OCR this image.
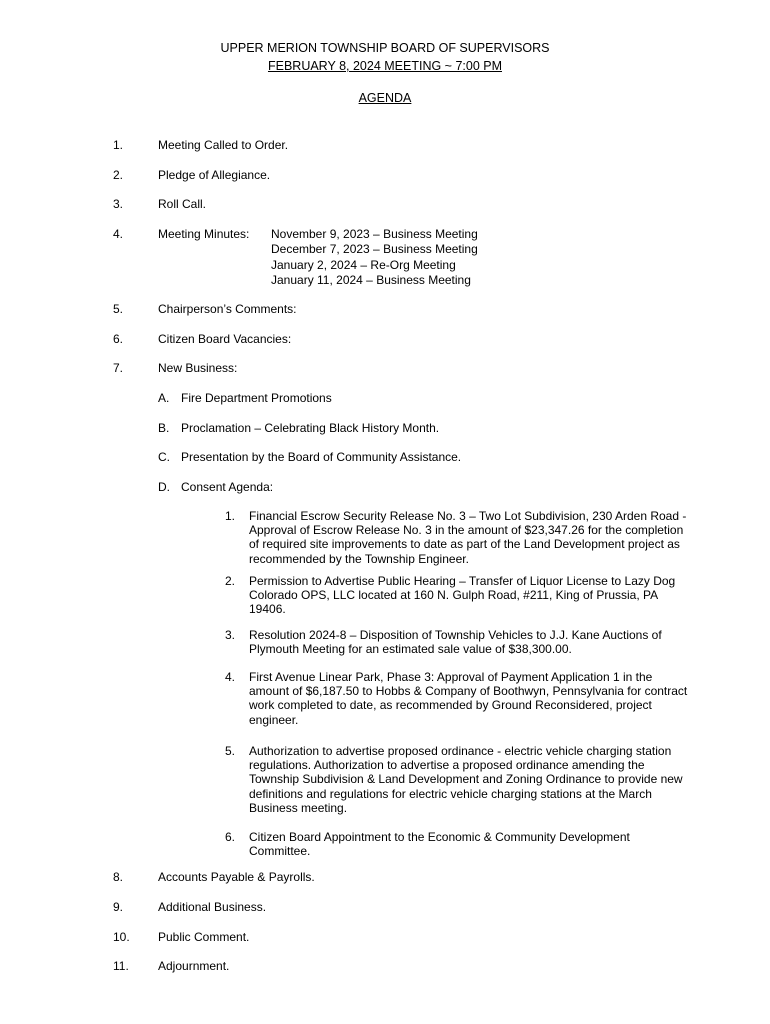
UPPER MERION TOWNSHIP BOARD OF SUPERVISORS
FEBRUARY 8, 2024 MEETING ~ 7:00 PM
AGENDA
1.	Meeting Called to Order.
2.	Pledge of Allegiance.
3.	Roll Call.
4.	Meeting Minutes: November 9, 2023 – Business Meeting
December 7, 2023 – Business Meeting
January 2, 2024 – Re-Org Meeting
January 11, 2024 – Business Meeting
5.	Chairperson’s Comments:
6.	Citizen Board Vacancies:
7.	New Business:
A. Fire Department Promotions
B. Proclamation – Celebrating Black History Month.
C. Presentation by the Board of Community Assistance.
D. Consent Agenda:
1. Financial Escrow Security Release No. 3 – Two Lot Subdivision, 230 Arden Road - Approval of Escrow Release No. 3 in the amount of $23,347.26 for the completion of required site improvements to date as part of the Land Development project as recommended by the Township Engineer.
2. Permission to Advertise Public Hearing – Transfer of Liquor License to Lazy Dog Colorado OPS, LLC located at 160 N. Gulph Road, #211, King of Prussia, PA 19406.
3. Resolution 2024-8 – Disposition of Township Vehicles to J.J. Kane Auctions of Plymouth Meeting for an estimated sale value of $38,300.00.
4. First Avenue Linear Park, Phase 3: Approval of Payment Application 1 in the amount of $6,187.50 to Hobbs & Company of Boothwyn, Pennsylvania for contract work completed to date, as recommended by Ground Reconsidered, project engineer.
5. Authorization to advertise proposed ordinance - electric vehicle charging station regulations. Authorization to advertise a proposed ordinance amending the Township Subdivision & Land Development and Zoning Ordinance to provide new definitions and regulations for electric vehicle charging stations at the March Business meeting.
6. Citizen Board Appointment to the Economic & Community Development Committee.
8.	Accounts Payable & Payrolls.
9.	Additional Business.
10. Public Comment.
11. Adjournment.
